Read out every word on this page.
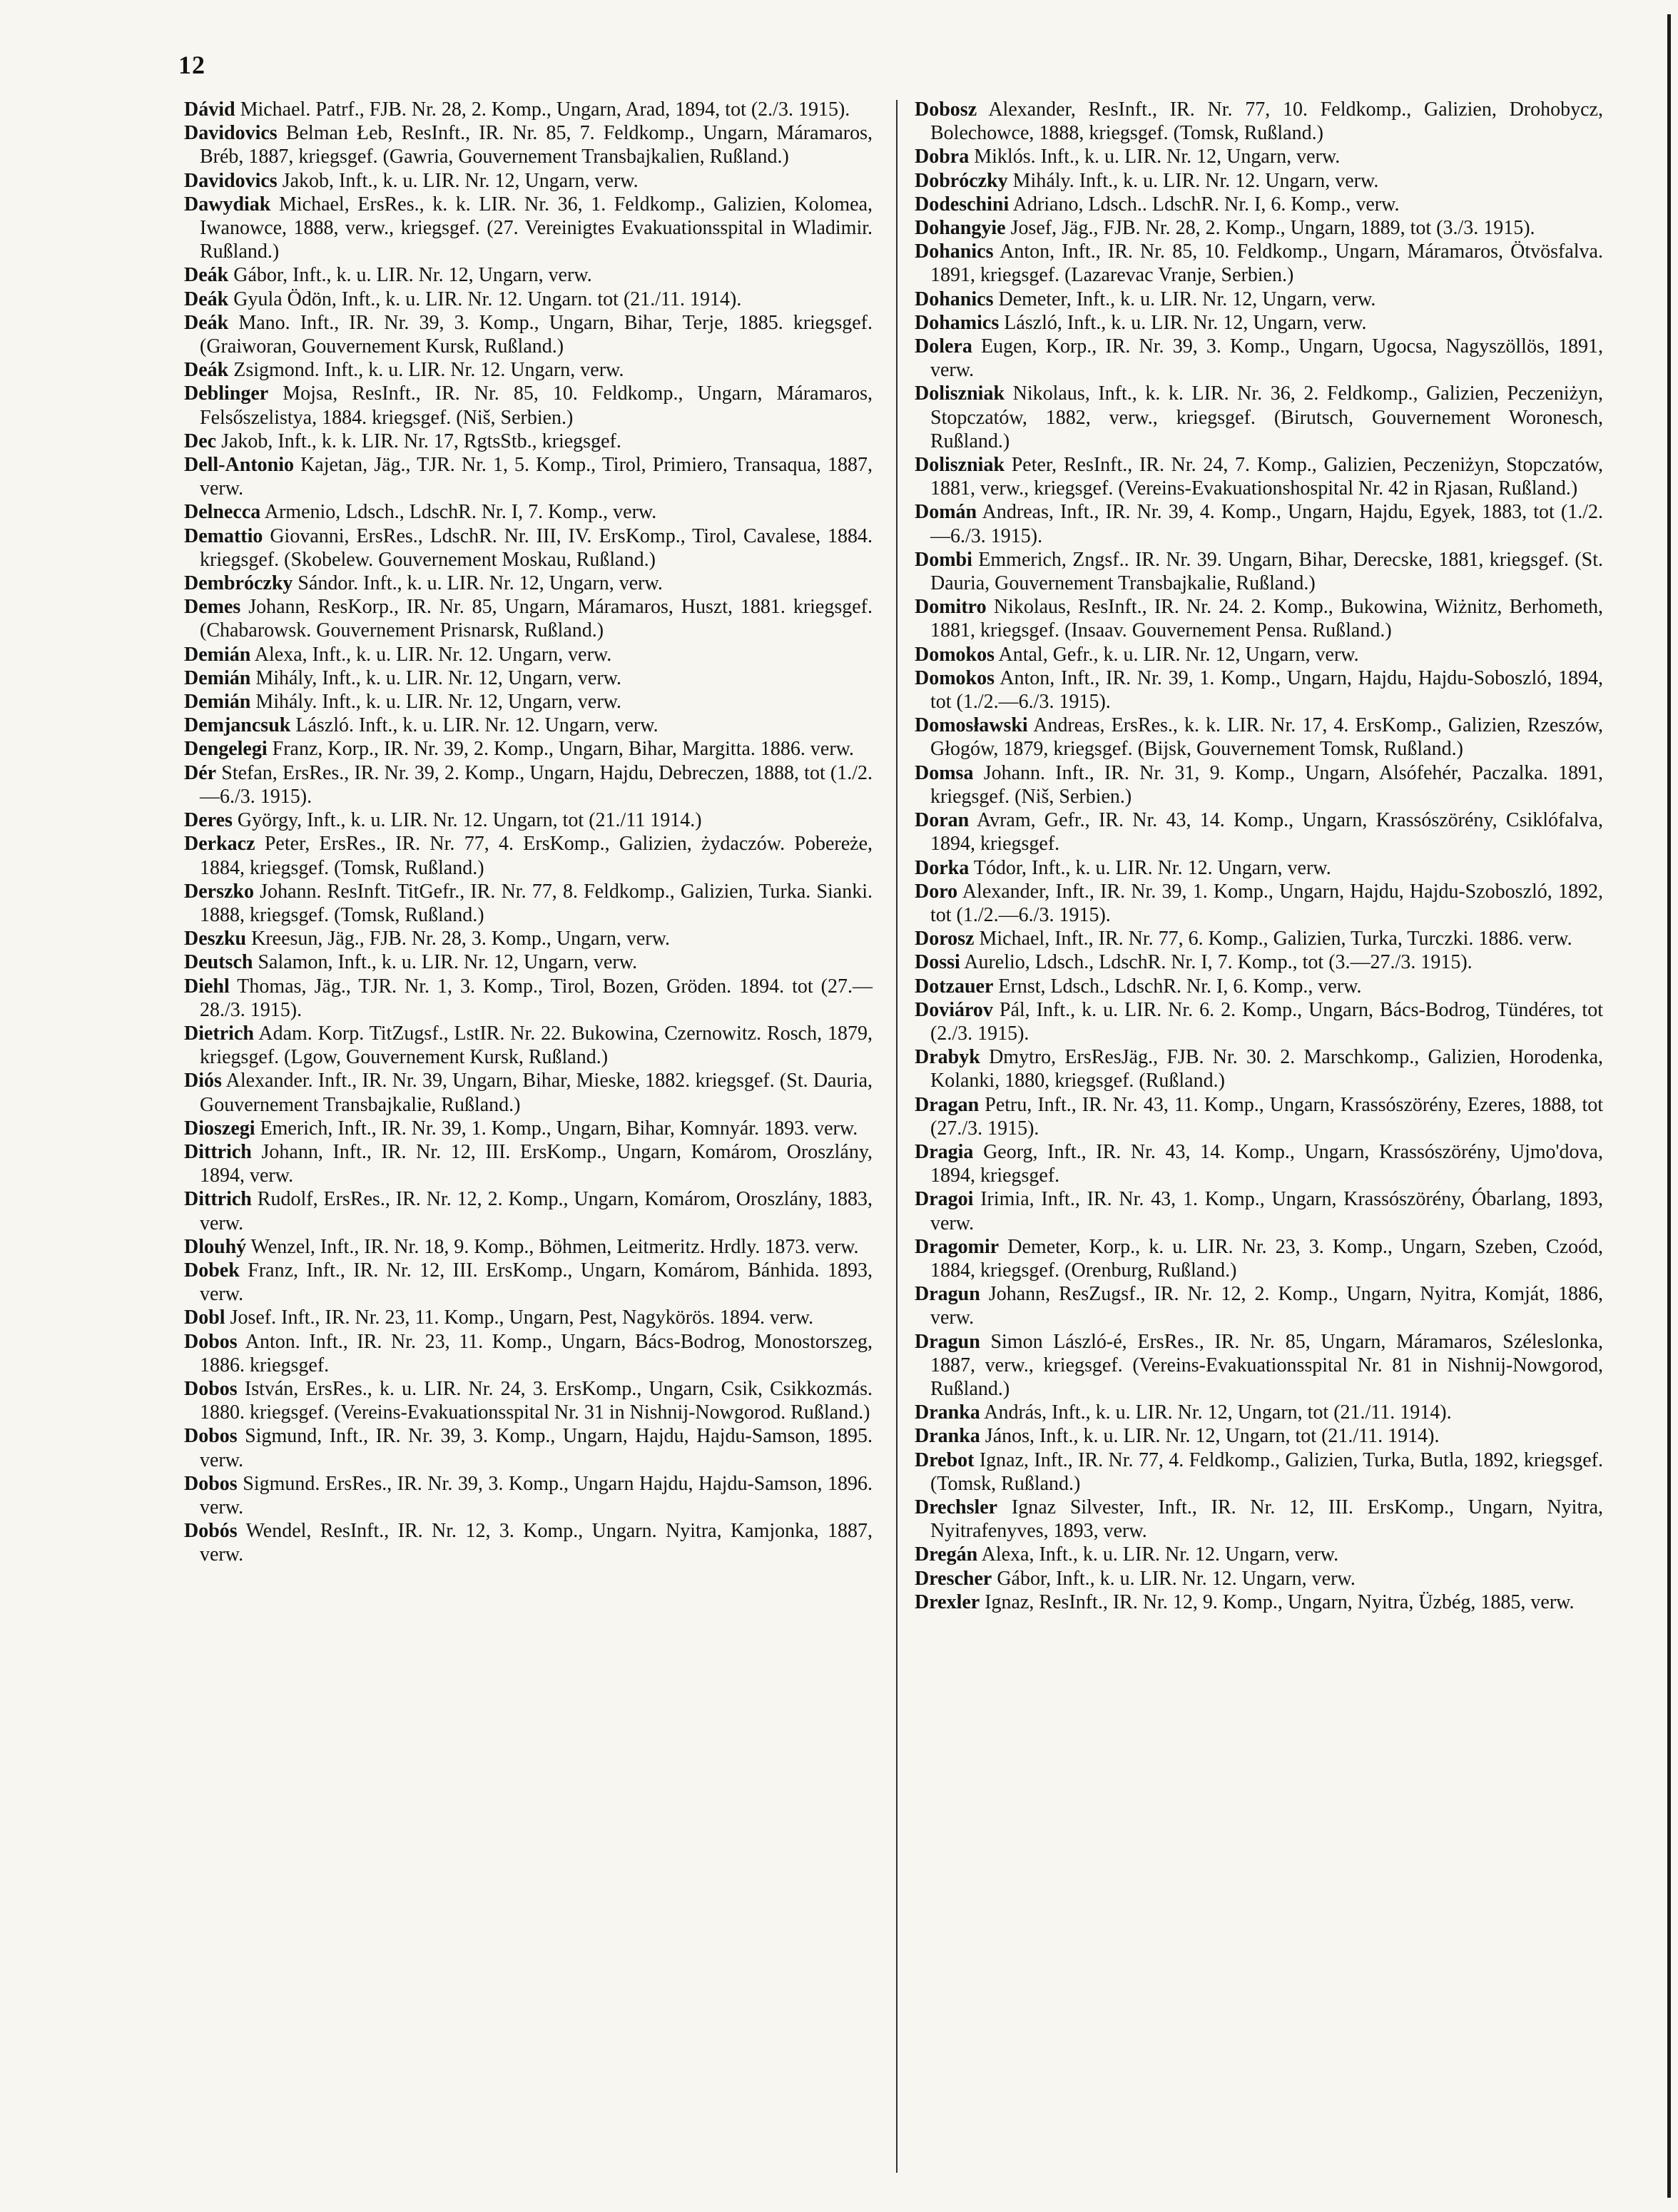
12

Dávid Michael. Patrf., FJB. Nr. 28, 2. Komp., Ungarn, Arad, 1894, tot (2./3. 1915).

Davidovics Belman Łeb, ResInft., IR. Nr. 85, 7. Feldkomp., Ungarn, Máramaros, Bréb, 1887, kriegsgef. (Gawria, Gouvernement Transbajkalien, Rußland.)

Davidovics Jakob, Inft., k. u. LIR. Nr. 12, Ungarn, verw.

Dawydiak Michael, ErsRes., k. k. LIR. Nr. 36, 1. Feldkomp., Galizien, Kolomea, Iwanowce, 1888, verw., kriegsgef. (27. Vereinigtes Evakuationsspital in Wladimir. Rußland.)

Deák Gábor, Inft., k. u. LIR. Nr. 12, Ungarn, verw.

Deák Gyula Ödön, Inft., k. u. LIR. Nr. 12. Ungarn. tot (21./11. 1914).

Deák Mano. Inft., IR. Nr. 39, 3. Komp., Ungarn, Bihar, Terje, 1885. kriegsgef. (Graiworan, Gouvernement Kursk, Rußland.)

Deák Zsigmond. Inft., k. u. LIR. Nr. 12. Ungarn, verw.

Deblinger Mojsa, ResInft., IR. Nr. 85, 10. Feldkomp., Ungarn, Máramaros, Felsőszelistya, 1884. kriegsgef. (Niš, Serbien.)

Dec Jakob, Inft., k. k. LIR. Nr. 17, RgtsStb., kriegsgef.

Dell-Antonio Kajetan, Jäg., TJR. Nr. 1, 5. Komp., Tirol, Primiero, Transaqua, 1887, verw.

Delnecca Armenio, Ldsch., LdschR. Nr. I, 7. Komp., verw.

Demattio Giovanni, ErsRes., LdschR. Nr. III, IV. ErsKomp., Tirol, Cavalese, 1884. kriegsgef. (Skobelew. Gouvernement Moskau, Rußland.)

Dembróczky Sándor. Inft., k. u. LIR. Nr. 12, Ungarn, verw.

Demes Johann, ResKorp., IR. Nr. 85, Ungarn, Máramaros, Huszt, 1881. kriegsgef. (Chabarowsk. Gouvernement Prisnarsk, Rußland.)

Demián Alexa, Inft., k. u. LIR. Nr. 12. Ungarn, verw.

Demián Mihály, Inft., k. u. LIR. Nr. 12, Ungarn, verw.

Demián Mihály. Inft., k. u. LIR. Nr. 12, Ungarn, verw.

Demjancsuk László. Inft., k. u. LIR. Nr. 12. Ungarn, verw.

Dengelegi Franz, Korp., IR. Nr. 39, 2. Komp., Ungarn, Bihar, Margitta. 1886. verw.

Dér Stefan, ErsRes., IR. Nr. 39, 2. Komp., Ungarn, Hajdu, Debreczen, 1888, tot (1./2.—6./3. 1915).

Deres György, Inft., k. u. LIR. Nr. 12. Ungarn, tot (21./11 1914.)

Derkacz Peter, ErsRes., IR. Nr. 77, 4. ErsKomp., Galizien, żydaczów. Pobereże, 1884, kriegsgef. (Tomsk, Rußland.)

Derszko Johann. ResInft. TitGefr., IR. Nr. 77, 8. Feldkomp., Galizien, Turka. Sianki. 1888, kriegsgef. (Tomsk, Rußland.)

Deszku Kreesun, Jäg., FJB. Nr. 28, 3. Komp., Ungarn, verw.

Deutsch Salamon, Inft., k. u. LIR. Nr. 12, Ungarn, verw.

Diehl Thomas, Jäg., TJR. Nr. 1, 3. Komp., Tirol, Bozen, Gröden. 1894. tot (27.—28./3. 1915).

Dietrich Adam. Korp. TitZugsf., LstIR. Nr. 22. Bukowina, Czernowitz. Rosch, 1879, kriegsgef. (Lgow, Gouvernement Kursk, Rußland.)

Diós Alexander. Inft., IR. Nr. 39, Ungarn, Bihar, Mieske, 1882. kriegsgef. (St. Dauria, Gouvernement Transbajkalie, Rußland.)

Dioszegi Emerich, Inft., IR. Nr. 39, 1. Komp., Ungarn, Bihar, Komnyár. 1893. verw.

Dittrich Johann, Inft., IR. Nr. 12, III. ErsKomp., Ungarn, Komárom, Oroszlány, 1894, verw.

Dittrich Rudolf, ErsRes., IR. Nr. 12, 2. Komp., Ungarn, Komárom, Oroszlány, 1883, verw.

Dlouhý Wenzel, Inft., IR. Nr. 18, 9. Komp., Böhmen, Leitmeritz. Hrdly. 1873. verw.

Dobek Franz, Inft., IR. Nr. 12, III. ErsKomp., Ungarn, Komárom, Bánhida. 1893, verw.

Dobl Josef. Inft., IR. Nr. 23, 11. Komp., Ungarn, Pest, Nagykörös. 1894. verw.

Dobos Anton. Inft., IR. Nr. 23, 11. Komp., Ungarn, Bács-Bodrog, Monostorszeg, 1886. kriegsgef.

Dobos István, ErsRes., k. u. LIR. Nr. 24, 3. ErsKomp., Ungarn, Csik, Csikkozmás. 1880. kriegsgef. (Vereins-Evakuationsspital Nr. 31 in Nishnij-Nowgorod. Rußland.)

Dobos Sigmund, Inft., IR. Nr. 39, 3. Komp., Ungarn, Hajdu, Hajdu-Samson, 1895. verw.

Dobos Sigmund. ErsRes., IR. Nr. 39, 3. Komp., Ungarn Hajdu, Hajdu-Samson, 1896. verw.

Dobós Wendel, ResInft., IR. Nr. 12, 3. Komp., Ungarn. Nyitra, Kamjonka, 1887, verw.

Dobosz Alexander, ResInft., IR. Nr. 77, 10. Feldkomp., Galizien, Drohobycz, Bolechowce, 1888, kriegsgef. (Tomsk, Rußland.)

Dobra Mikló‌s. Inft., k. u. LIR. Nr. 12, Ungarn, verw.

Dobróczky Mihály. Inft., k. u. LIR. Nr. 12. Ungarn, verw.

Dodeschini Adriano, Ldsch.. LdschR. Nr. I, 6. Komp., verw.

Dohangyie Josef, Jäg., FJB. Nr. 28, 2. Komp., Ungarn, 1889, tot (3./3. 1915).

Dohanics Anton, Inft., IR. Nr. 85, 10. Feldkomp., Ungarn, Máramaros, Ötvösfalva. 1891, kriegsgef. (Lazarevac Vranje, Serbien.)

Dohanics Demeter, Inft., k. u. LIR. Nr. 12, Ungarn, verw.

Dohamics László, Inft., k. u. LIR. Nr. 12, Ungarn, verw.

Dolera Eugen, Korp., IR. Nr. 39, 3. Komp., Ungarn, Ugocsa, Nagyszöllös, 1891, verw.

Doliszniak Nikolaus, Inft., k. k. LIR. Nr. 36, 2. Feldkomp., Galizien, Peczeniżyn, Stopczatów, 1882, verw., kriegsgef. (Birutsch, Gouvernement Woronesch, Rußland.)

Doliszniak Peter, ResInft., IR. Nr. 24, 7. Komp., Galizien, Peczeniżyn, Stopczatów, 1881, verw., kriegsgef. (Vereins-Evakuationshospital Nr. 42 in Rjasan, Rußland.)

Domán Andreas, Inft., IR. Nr. 39, 4. Komp., Ungarn, Hajdu, Egyek, 1883, tot (1./2.—6./3. 1915).

Dombi Emmerich, Zngsf.. IR. Nr. 39. Ungarn, Bihar, Derecske, 1881, kriegsgef. (St. Dauria, Gouvernement Transbajkalie, Rußland.)

Domitro Nikolaus, ResInft., IR. Nr. 24. 2. Komp., Bukowina, Wiżnitz, Berhometh, 1881, kriegsgef. (Insaav. Gouvernement Pensa. Rußland.)

Domokos Antal, Gefr., k. u. LIR. Nr. 12, Ungarn, verw.

Domokos Anton, Inft., IR. Nr. 39, 1. Komp., Ungarn, Hajdu, Hajdu-Soboszló, 1894, tot (1./2.—6./3. 1915).

Domosławski Andreas, ErsRes., k. k. LIR. Nr. 17, 4. ErsKomp., Galizien, Rzeszów, Głogów, 1879, kriegsgef. (Bijsk, Gouvernement Tomsk, Rußland.)

Domsa Johann. Inft., IR. Nr. 31, 9. Komp., Ungarn, Alsófehér, Paczalka. 1891, kriegsgef. (Niš, Serbien.)

Doran Avram, Gefr., IR. Nr. 43, 14. Komp., Ungarn, Krassószörény, Csiklófalva, 1894, kriegsgef.

Dorka Tódor, Inft., k. u. LIR. Nr. 12. Ungarn, verw.

Doro Alexander, Inft., IR. Nr. 39, 1. Komp., Ungarn, Hajdu, Hajdu-Szoboszló, 1892, tot (1./2.—6./3. 1915).

Dorosz Michael, Inft., IR. Nr. 77, 6. Komp., Galizien, Turka, Turczki. 1886. verw.

Dossi Aurelio, Ldsch., LdschR. Nr. I, 7. Komp., tot (3.—27./3. 1915).

Dotzauer Ernst, Ldsch., LdschR. Nr. I, 6. Komp., verw.

Doviárov Pál, Inft., k. u. LIR. Nr. 6. 2. Komp., Ungarn, Bács-Bodrog, Tündéres, tot (2./3. 1915).

Drabyk Dmytro, ErsResJäg., FJB. Nr. 30. 2. Marschkomp., Galizien, Horodenka, Kolanki, 1880, kriegsgef. (Rußland.)

Dragan Petru, Inft., IR. Nr. 43, 11. Komp., Ungarn, Krassószörény, Ezeres, 1888, tot (27./3. 1915).

Dragia Georg, Inft., IR. Nr. 43, 14. Komp., Ungarn, Krassószörény, Ujmo'dova, 1894, kriegsgef.

Dragoi Irimia, Inft., IR. Nr. 43, 1. Komp., Ungarn, Krassószörény, Óbarlang, 1893, verw.

Dragomir Demeter, Korp., k. u. LIR. Nr. 23, 3. Komp., Ungarn, Szeben, Czoód, 1884, kriegsgef. (Orenburg, Rußland.)

Dragun Johann, ResZugsf., IR. Nr. 12, 2. Komp., Ungarn, Nyitra, Komját, 1886, verw.

Dragun Simon László-é, ErsRes., IR. Nr. 85, Ungarn, Máramaros, Széleslonka, 1887, verw., kriegsgef. (Vereins-Evakuationsspital Nr. 81 in Nishnij-Nowgorod, Rußland.)

Dranka András, Inft., k. u. LIR. Nr. 12, Ungarn, tot (21./11. 1914).

Dranka János, Inft., k. u. LIR. Nr. 12, Ungarn, tot (21./11. 1914).

Drebot Ignaz, Inft., IR. Nr. 77, 4. Feldkomp., Galizien, Turka, Butla, 1892, kriegsgef. (Tomsk, Rußland.)

Drechsler Ignaz Silvester, Inft., IR. Nr. 12, III. ErsKomp., Ungarn, Nyitra, Nyitrafenyves, 1893, verw.

Dregán Alexa, Inft., k. u. LIR. Nr. 12. Ungarn, verw.

Drescher Gábor, Inft., k. u. LIR. Nr. 12. Ungarn, verw.

Drexler Ignaz, ResInft., IR. Nr. 12, 9. Komp., Ungarn, Nyitra, Üzbég, 1885, verw.
